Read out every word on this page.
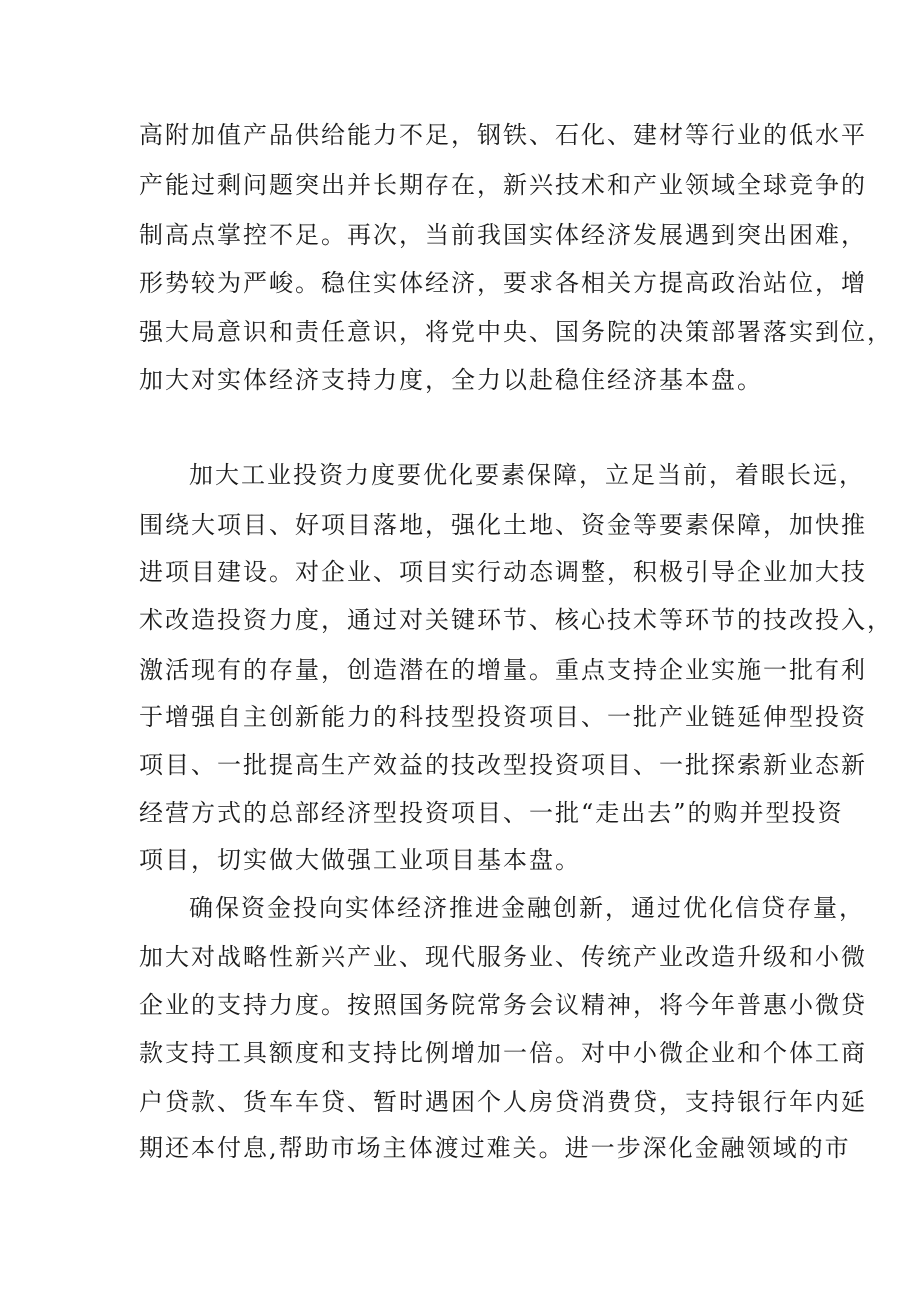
高附加值产品供给能力不足，钢铁、石化、建材等行业的低水平
产能过剩问题突出并长期存在，新兴技术和产业领域全球竞争的
制高点掌控不足。再次，当前我国实体经济发展遇到突出困难，
形势较为严峻。稳住实体经济，要求各相关方提高政治站位，增
强大局意识和责任意识，将党中央、国务院的决策部署落实到位，
加大对实体经济支持力度，全力以赴稳住经济基本盘。
加大工业投资力度要优化要素保障，立足当前，着眼长远，
围绕大项目、好项目落地，强化土地、资金等要素保障，加快推
进项目建设。对企业、项目实行动态调整，积极引导企业加大技
术改造投资力度，通过对关键环节、核心技术等环节的技改投入，
激活现有的存量，创造潜在的增量。重点支持企业实施一批有利
于增强自主创新能力的科技型投资项目、一批产业链延伸型投资
项目、一批提高生产效益的技改型投资项目、一批探索新业态新
经营方式的总部经济型投资项目、一批“走出去”的购并型投资
项目，切实做大做强工业项目基本盘。
确保资金投向实体经济推进金融创新，通过优化信贷存量，
加大对战略性新兴产业、现代服务业、传统产业改造升级和小微
企业的支持力度。按照国务院常务会议精神，将今年普惠小微贷
款支持工具额度和支持比例增加一倍。对中小微企业和个体工商
户贷款、货车车贷、暂时遇困个人房贷消费贷，支持银行年内延
期还本付息,帮助市场主体渡过难关。进一步深化金融领域的市
